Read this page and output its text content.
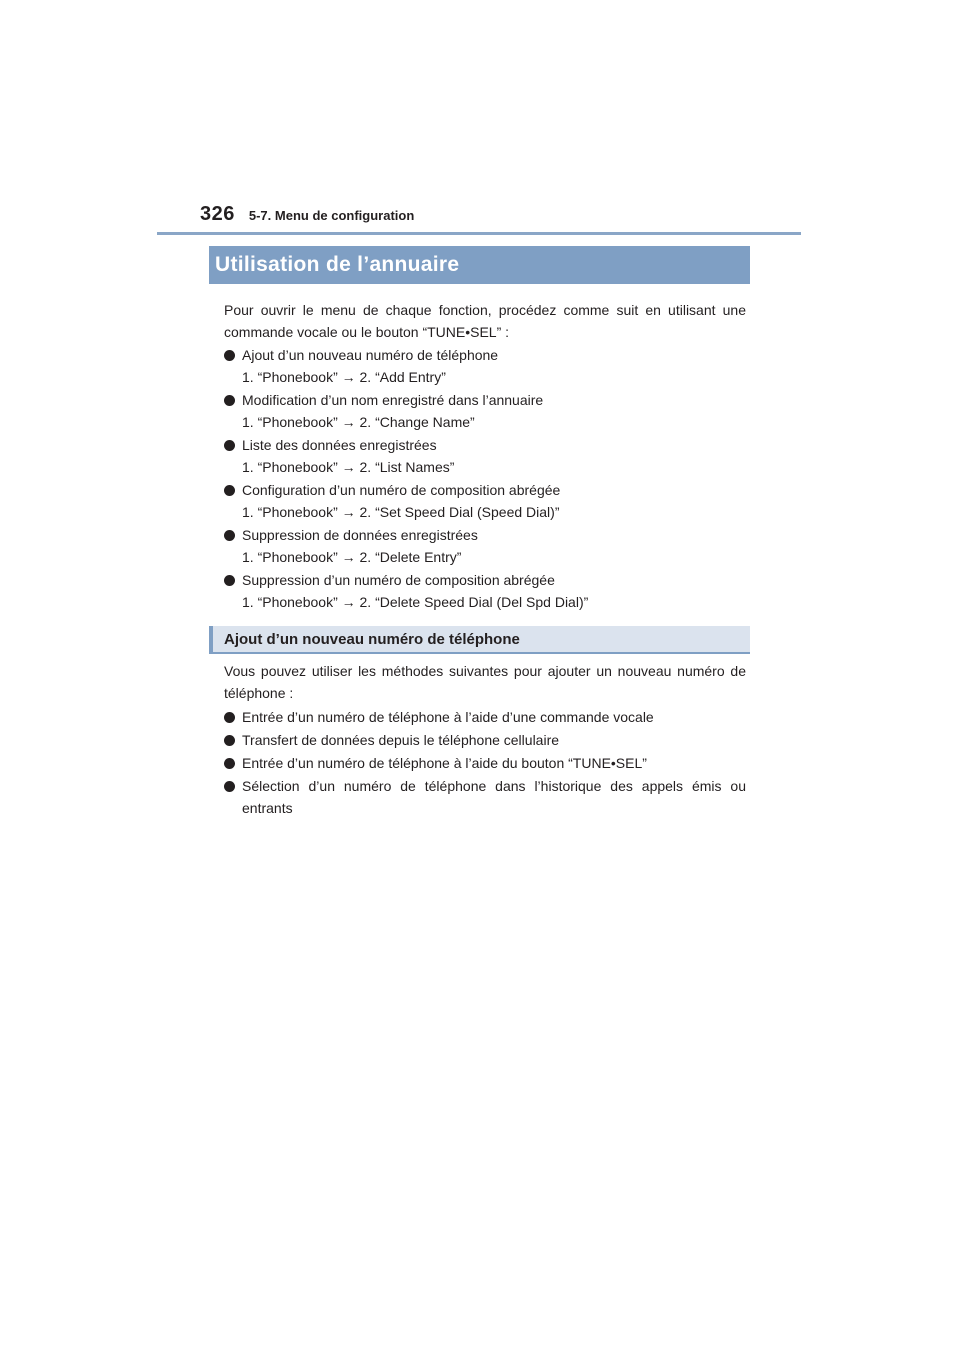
326 5-7. Menu de configuration
Utilisation de l’annuaire

Pour ouvrir le menu de chaque fonction, procédez comme suit en utilisant une commande vocale ou le bouton “TUNE•SEL” :

Ajout d’un nouveau numéro de téléphone
1. “Phonebook” → 2. “Add Entry”
Modification d’un nom enregistré dans l’annuaire
1. “Phonebook” → 2. “Change Name”
Liste des données enregistrées
1. “Phonebook” → 2. “List Names”
Configuration d’un numéro de composition abrégée
1. “Phonebook” → 2. “Set Speed Dial (Speed Dial)”
Suppression de données enregistrées
1. “Phonebook” → 2. “Delete Entry”
Suppression d’un numéro de composition abrégée
1. “Phonebook” → 2. “Delete Speed Dial (Del Spd Dial)”
Ajout d’un nouveau numéro de téléphone

Vous pouvez utiliser les méthodes suivantes pour ajouter un nouveau numéro de téléphone :

Entrée d’un numéro de téléphone à l’aide d’une commande vocale
Transfert de données depuis le téléphone cellulaire
Entrée d’un numéro de téléphone à l’aide du bouton “TUNE•SEL”
Sélection d’un numéro de téléphone dans l’historique des appels émis ou entrants
